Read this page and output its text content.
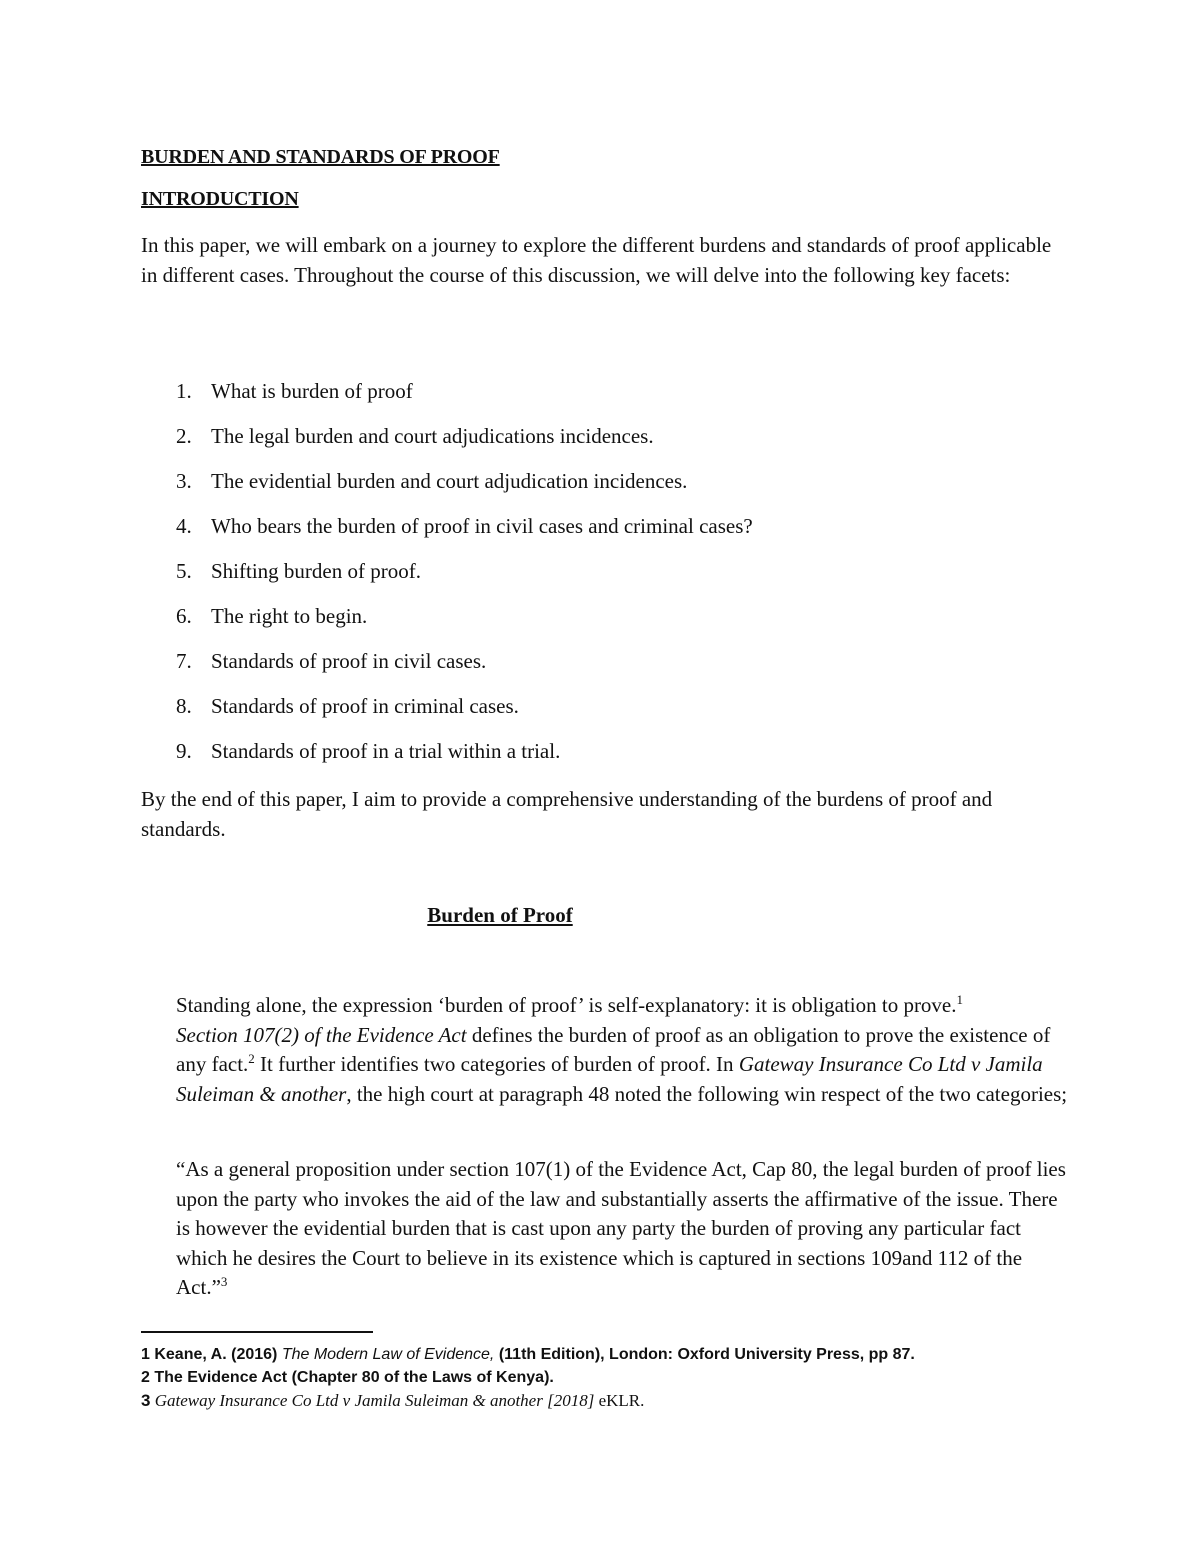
BURDEN AND STANDARDS OF PROOF
INTRODUCTION
In this paper, we will embark on a journey to explore the different burdens and standards of proof applicable in different cases. Throughout the course of this discussion, we will delve into the following key facets:
1. What is burden of proof
2. The legal burden and court adjudications incidences.
3. The evidential burden and court adjudication incidences.
4. Who bears the burden of proof in civil cases and criminal cases?
5. Shifting burden of proof.
6. The right to begin.
7. Standards of proof in civil cases.
8. Standards of proof in criminal cases.
9. Standards of proof in a trial within a trial.
By the end of this paper, I aim to provide a comprehensive understanding of the burdens of proof and standards.
Burden of Proof
Standing alone, the expression ‘burden of proof’ is self-explanatory: it is obligation to prove.$^1$
Section 107(2) of the Evidence Act defines the burden of proof as an obligation to prove the existence of any fact.$^2$ It further identifies two categories of burden of proof. In Gateway Insurance Co Ltd v Jamila Suleiman & another, the high court at paragraph 48 noted the following win respect of the two categories;
“As a general proposition under section 107(1) of the Evidence Act, Cap 80, the legal burden of proof lies upon the party who invokes the aid of the law and substantially asserts the affirmative of the issue. There is however the evidential burden that is cast upon any party the burden of proving any particular fact which he desires the Court to believe in its existence which is captured in sections 109and 112 of the Act.”$^3$
1 Keane, A. (2016) The Modern Law of Evidence, (11th Edition), London: Oxford University Press, pp 87.
2 The Evidence Act (Chapter 80 of the Laws of Kenya).
3 Gateway Insurance Co Ltd v Jamila Suleiman & another [2018] eKLR.
